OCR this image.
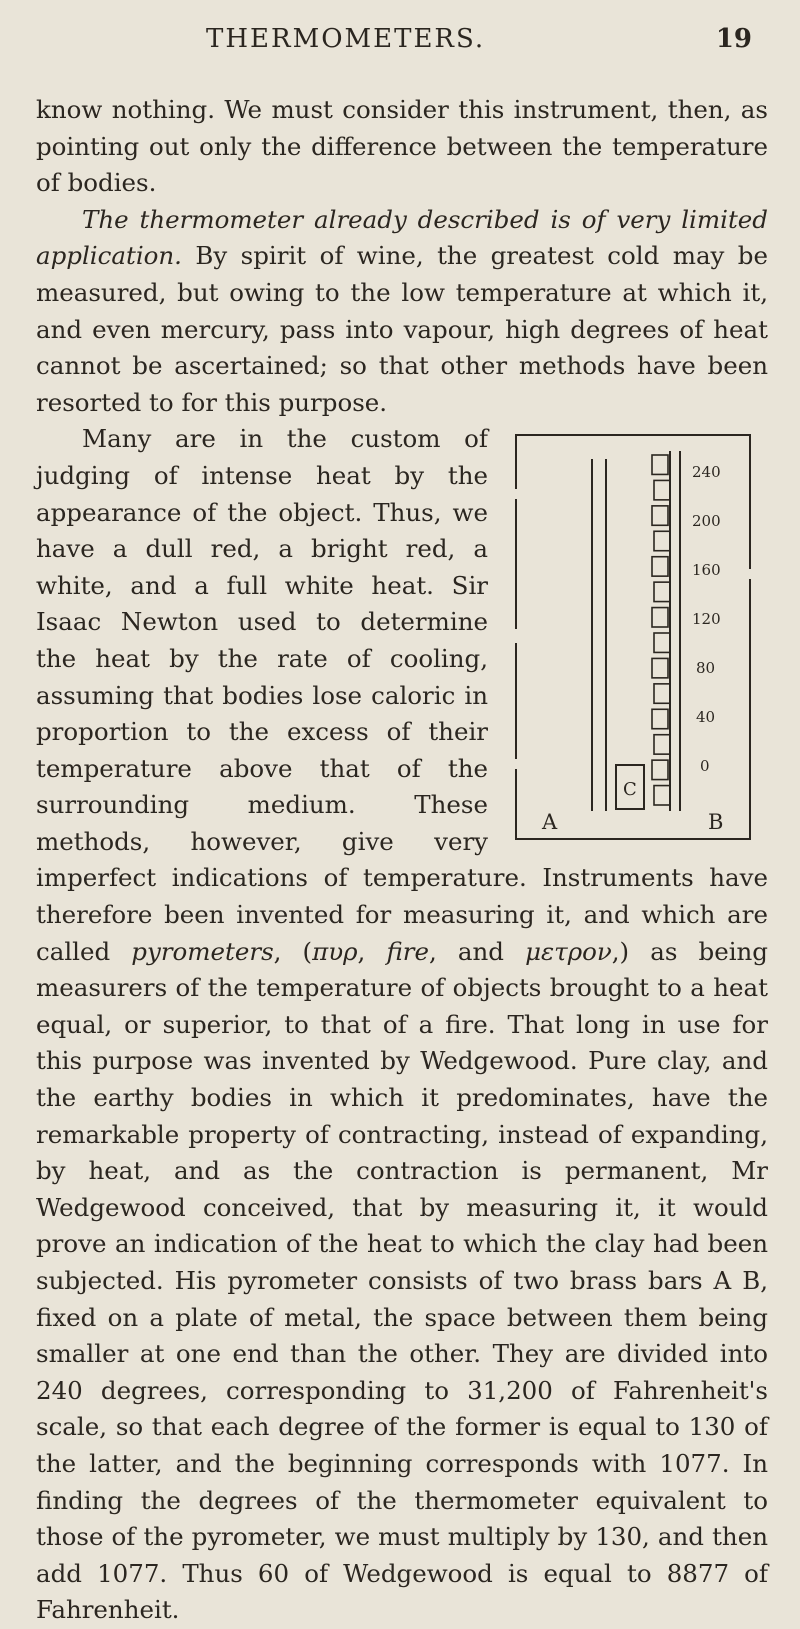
THERMOMETERS.	19

know nothing. We must consider this instrument, then, as pointing out only the difference between the temperature of bodies.

The thermometer already described is of very limited application. By spirit of wine, the greatest cold may be measured, but owing to the low temperature at which it, and even mercury, pass into vapour, high degrees of heat cannot be ascertained; so that other methods have been resorted to for this purpose.

240
200
160
120
80
40
0
A	B
C
Many are in the custom of judging of intense heat by the appearance of the object. Thus, we have a dull red, a bright red, a white, and a full white heat. Sir Isaac Newton used to determine the heat by the rate of cooling, assuming that bodies lose caloric in proportion to the excess of their temperature above that of the surrounding medium. These methods, however, give very imperfect indications of temperature. Instruments have therefore been invented for measuring it, and which are called pyrometers, (πυρ, fire, and μετρον,) as being measurers of the temperature of objects brought to a heat equal, or superior, to that of a fire. That long in use for this purpose was invented by Wedgewood. Pure clay, and the earthy bodies in which it predominates, have the remarkable property of contracting, instead of expanding, by heat, and as the contraction is permanent, Mr Wedgewood conceived, that by measuring it, it would prove an indication of the heat to which the clay had been subjected. His pyrometer consists of two brass bars A B, fixed on a plate of metal, the space between them being smaller at one end than the other. They are divided into 240 degrees, corresponding to 31,200 of Fahrenheit's scale, so that each degree of the former is equal to 130 of the latter, and the beginning corresponds with 1077. In finding the degrees of the thermometer equivalent to those of the pyrometer, we must multiply by 130, and then add 1077. Thus 60 of Wedgewood is equal to 8877 of Fahrenheit.
